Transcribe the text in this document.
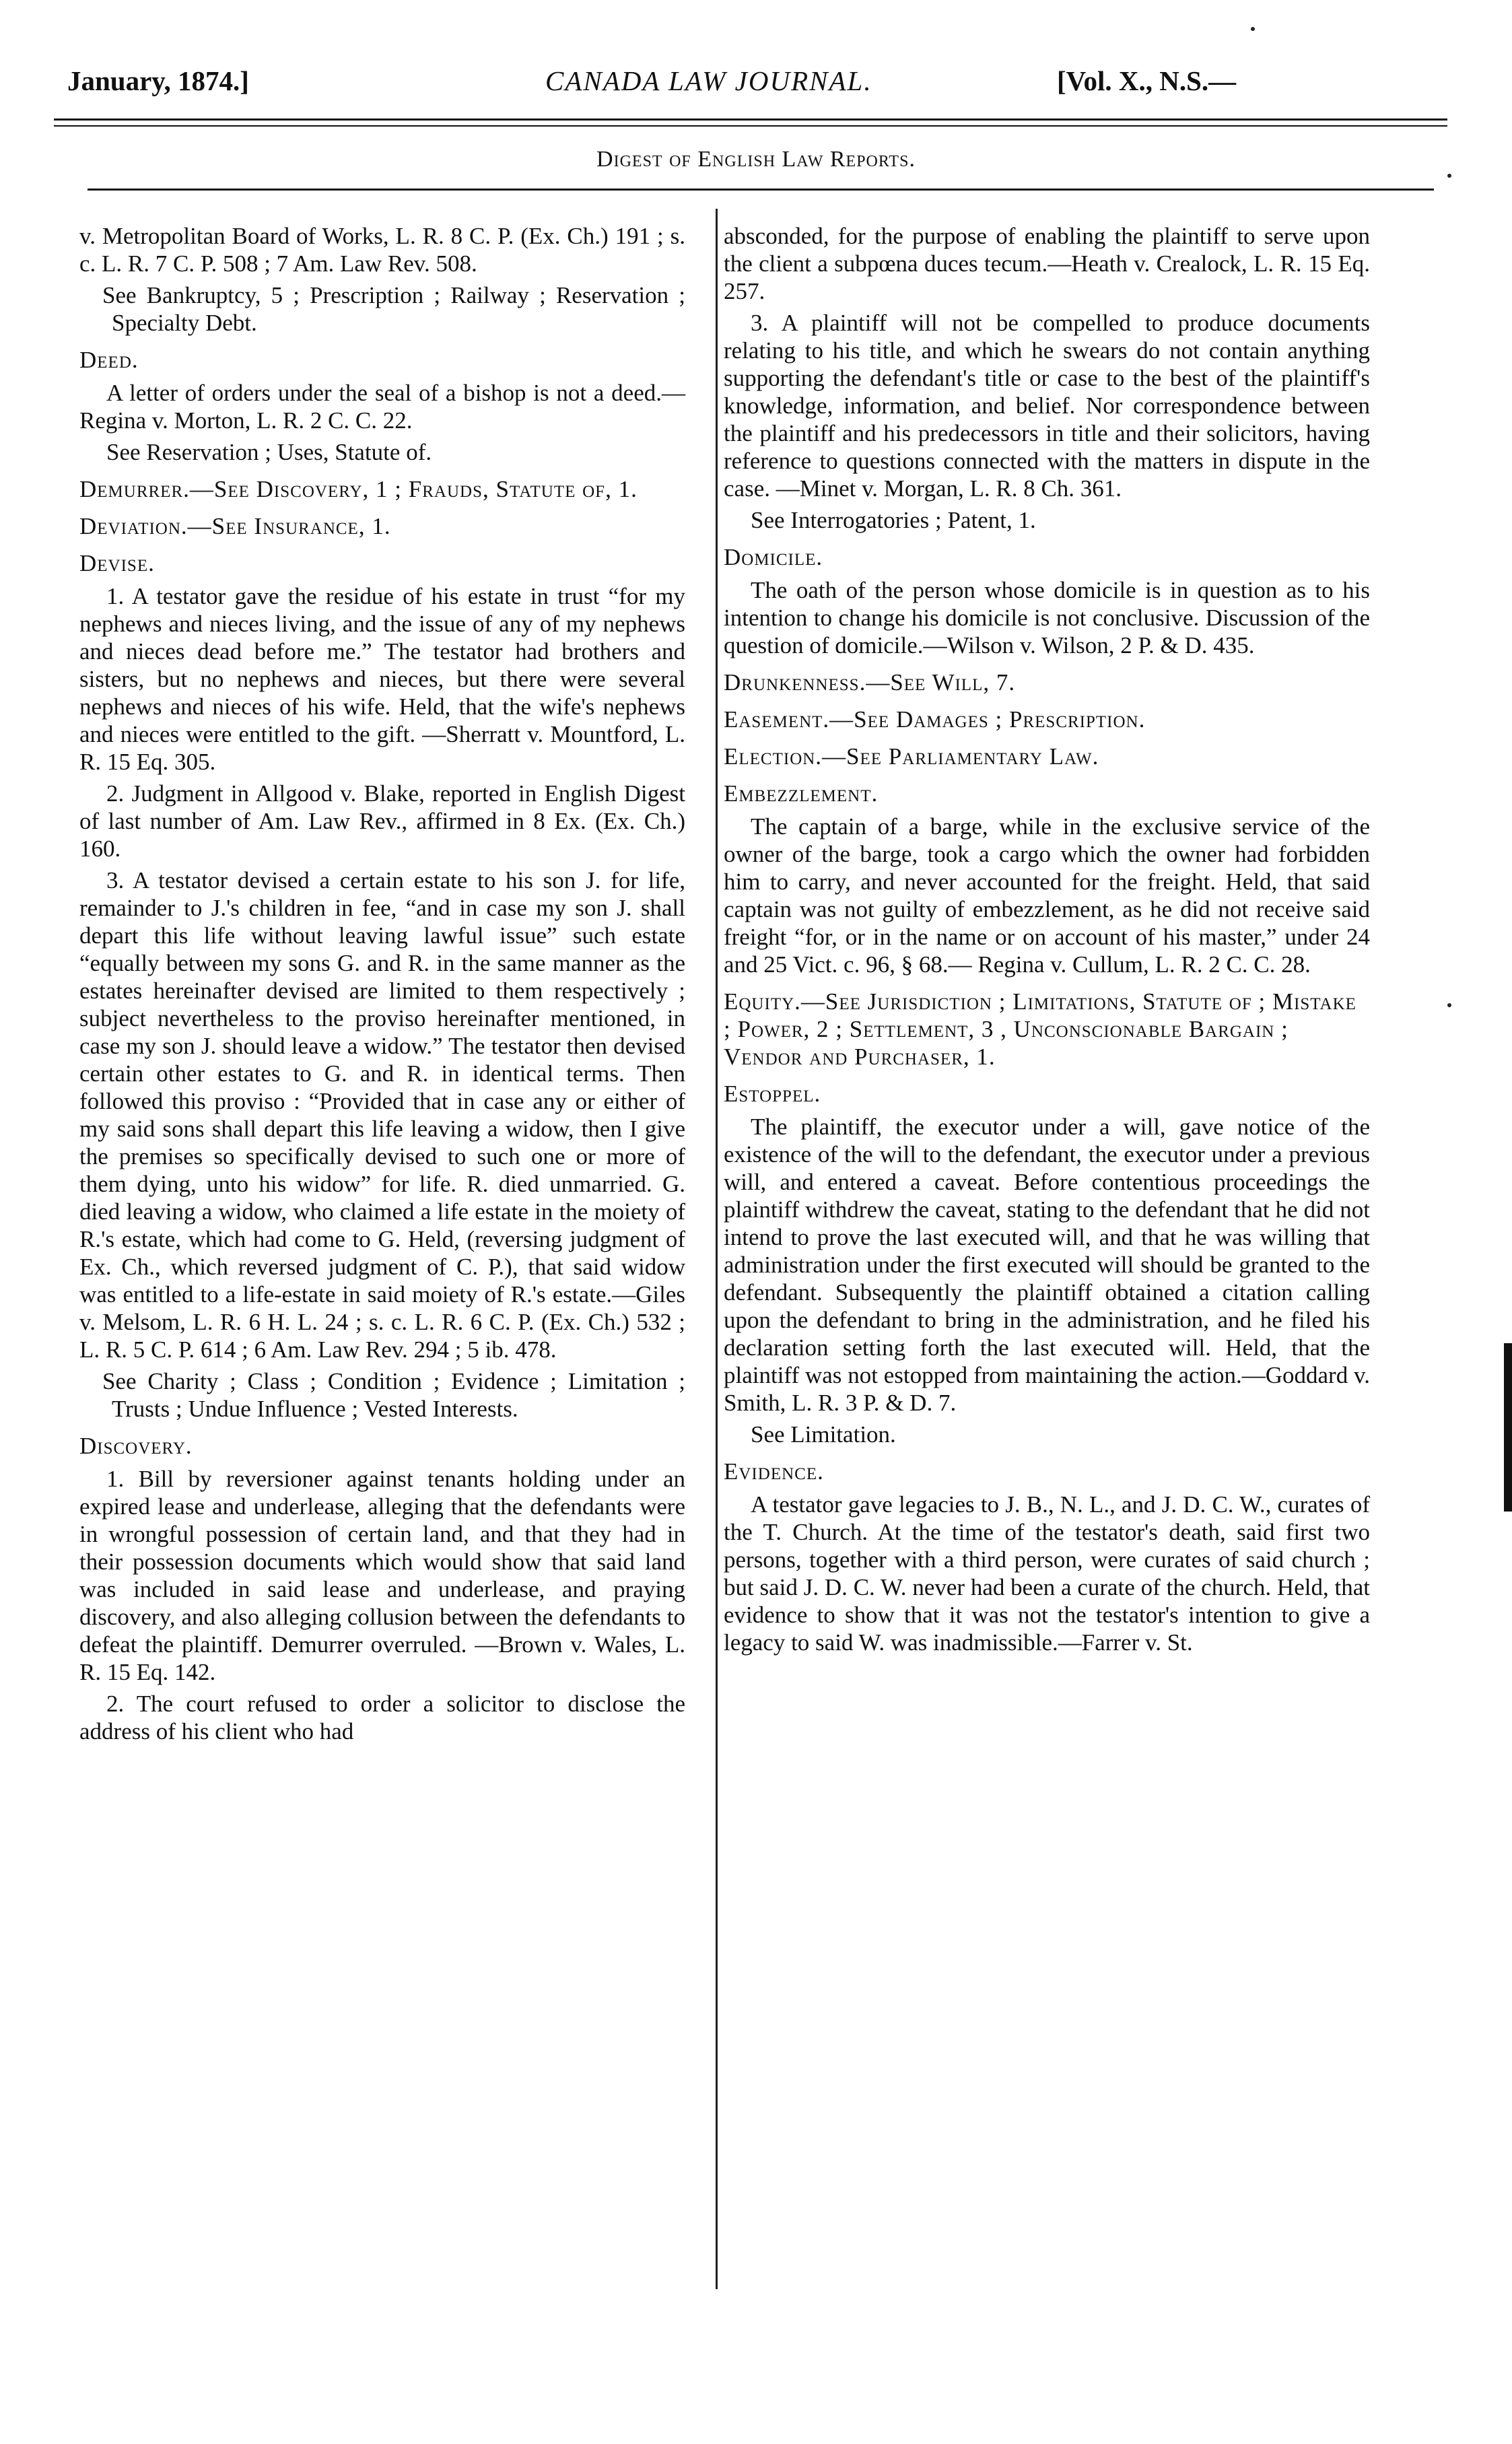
January, 1874.]	CANADA LAW JOURNAL.	[Vol. X., N.S.—
Digest of English Law Reports.
v. Metropolitan Board of Works, L. R. 8 C. P. (Ex. Ch.) 191 ; s. c. L. R. 7 C. P. 508 ; 7 Am. Law Rev. 508.
See Bankruptcy, 5 ; Prescription ; Railway ; Reservation ; Specialty Debt.
Deed.
A letter of orders under the seal of a bishop is not a deed.—Regina v. Morton, L. R. 2 C. C. 22.
See Reservation ; Uses, Statute of.
Demurrer.—See Discovery, 1 ; Frauds, Statute of, 1.
Deviation.—See Insurance, 1.
Devise.
1. A testator gave the residue of his estate in trust “for my nephews and nieces living, and the issue of any of my nephews and nieces dead before me.” The testator had brothers and sisters, but no nephews and nieces, but there were several nephews and nieces of his wife. Held, that the wife's nephews and nieces were entitled to the gift. —Sherratt v. Mountford, L. R. 15 Eq. 305.
2. Judgment in Allgood v. Blake, reported in English Digest of last number of Am. Law Rev., affirmed in 8 Ex. (Ex. Ch.) 160.
3. A testator devised a certain estate to his son J. for life, remainder to J.'s children in fee, “and in case my son J. shall depart this life without leaving lawful issue” such estate “equally between my sons G. and R. in the same manner as the estates hereinafter devised are limited to them respectively ; subject nevertheless to the proviso hereinafter mentioned, in case my son J. should leave a widow.” The testator then devised certain other estates to G. and R. in identical terms. Then followed this proviso : “Provided that in case any or either of my said sons shall depart this life leaving a widow, then I give the premises so specifically devised to such one or more of them dying, unto his widow” for life. R. died unmarried. G. died leaving a widow, who claimed a life estate in the moiety of R.'s estate, which had come to G. Held, (reversing judgment of Ex. Ch., which reversed judgment of C. P.), that said widow was entitled to a life-estate in said moiety of R.'s estate.—Giles v. Melsom, L. R. 6 H. L. 24 ; s. c. L. R. 6 C. P. (Ex. Ch.) 532 ; L. R. 5 C. P. 614 ; 6 Am. Law Rev. 294 ; 5 ib. 478.
See Charity ; Class ; Condition ; Evidence ; Limitation ; Trusts ; Undue Influence ; Vested Interests.
Discovery.
1. Bill by reversioner against tenants holding under an expired lease and underlease, alleging that the defendants were in wrongful possession of certain land, and that they had in their possession documents which would show that said land was included in said lease and underlease, and praying discovery, and also alleging collusion between the defendants to defeat the plaintiff. Demurrer overruled. —Brown v. Wales, L. R. 15 Eq. 142.
2. The court refused to order a solicitor to disclose the address of his client who had
absconded, for the purpose of enabling the plaintiff to serve upon the client a subpœna duces tecum.—Heath v. Crealock, L. R. 15 Eq. 257.
3. A plaintiff will not be compelled to produce documents relating to his title, and which he swears do not contain anything supporting the defendant's title or case to the best of the plaintiff's knowledge, information, and belief. Nor correspondence between the plaintiff and his predecessors in title and their solicitors, having reference to questions connected with the matters in dispute in the case. —Minet v. Morgan, L. R. 8 Ch. 361.
See Interrogatories ; Patent, 1.
Domicile.
The oath of the person whose domicile is in question as to his intention to change his domicile is not conclusive. Discussion of the question of domicile.—Wilson v. Wilson, 2 P. & D. 435.
Drunkenness.—See Will, 7.
Easement.—See Damages ; Prescription.
Election.—See Parliamentary Law.
Embezzlement.
The captain of a barge, while in the exclusive service of the owner of the barge, took a cargo which the owner had forbidden him to carry, and never accounted for the freight. Held, that said captain was not guilty of embezzlement, as he did not receive said freight “for, or in the name or on account of his master,” under 24 and 25 Vict. c. 96, § 68.— Regina v. Cullum, L. R. 2 C. C. 28.
Equity.—See Jurisdiction ; Limitations, Statute of ; Mistake ; Power, 2 ; Settlement, 3 , Unconscionable Bargain ; Vendor and Purchaser, 1.
Estoppel.
The plaintiff, the executor under a will, gave notice of the existence of the will to the defendant, the executor under a previous will, and entered a caveat. Before contentious proceedings the plaintiff withdrew the caveat, stating to the defendant that he did not intend to prove the last executed will, and that he was willing that administration under the first executed will should be granted to the defendant. Subsequently the plaintiff obtained a citation calling upon the defendant to bring in the administration, and he filed his declaration setting forth the last executed will. Held, that the plaintiff was not estopped from maintaining the action.—Goddard v. Smith, L. R. 3 P. & D. 7.
See Limitation.
Evidence.
A testator gave legacies to J. B., N. L., and J. D. C. W., curates of the T. Church. At the time of the testator's death, said first two persons, together with a third person, were curates of said church ; but said J. D. C. W. never had been a curate of the church. Held, that evidence to show that it was not the testator's intention to give a legacy to said W. was inadmissible.—Farrer v. St.
